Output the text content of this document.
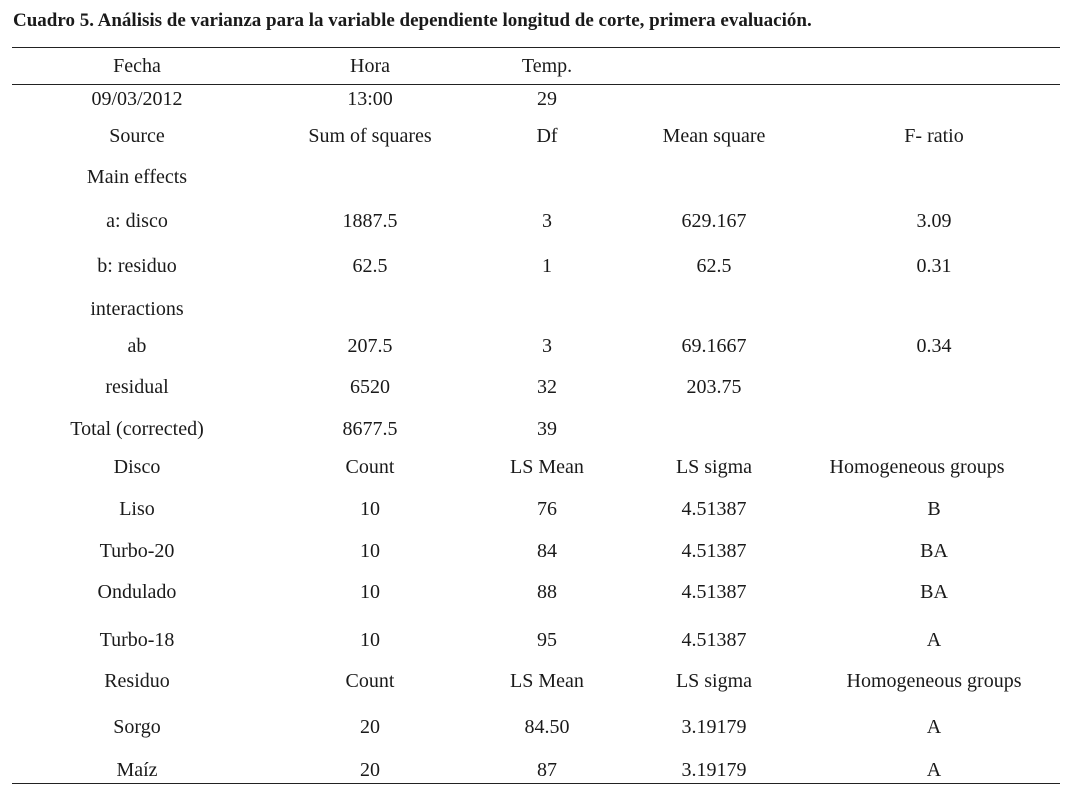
Cuadro 5. Análisis de varianza para la variable dependiente longitud de corte, primera evaluación.
Fecha	Hora	Temp.
09/03/2012	13:00	29
Source	Sum of squares	Df	Mean square	F- ratio
Main effects
a: disco	1887.5	3	629.167	3.09
b: residuo	62.5	1	62.5	0.31
interactions
ab	207.5	3	69.1667	0.34
residual	6520	32	203.75
Total (corrected)	8677.5	39
Disco	Count	LS Mean	LS sigma	Homogeneous groups
Liso	10	76	4.51387	B
Turbo-20	10	84	4.51387	BA
Ondulado	10	88	4.51387	BA
Turbo-18	10	95	4.51387	A
Residuo	Count	LS Mean	LS sigma	Homogeneous groups
Sorgo	20	84.50	3.19179	A
Maíz	20	87	3.19179	A
